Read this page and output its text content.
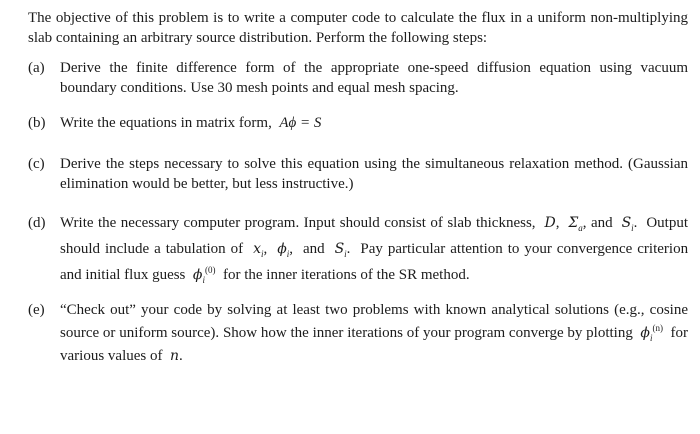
The objective of this problem is to write a computer code to calculate the flux in a uniform non-multiplying slab containing an arbitrary source distribution. Perform the following steps:

(a)	Derive the finite difference form of the appropriate one-speed diffusion equation using vacuum boundary conditions. Use 30 mesh points and equal mesh spacing.
(b) Write the equations in matrix form, Aϕ = S
(c)	Derive the steps necessary to solve this equation using the simultaneous relaxation method. (Gaussian elimination would be better, but less instructive.)
(d) Write the necessary computer program. Input should consist of slab thickness, D,  $\Sigma_a$, and $S_i$.  Output should include a tabulation of $x_i$,  $\phi_i$,  and $S_i$.  Pay particular attention to your convergence criterion and initial flux guess $\phi_i^{(0)}$ for the inner iterations of the SR method.
(e)	“Check out” your code by solving at least two problems with known analytical solutions (e.g., cosine source or uniform source). Show how the inner iterations of your program converge by plotting $\phi_i^{(n)}$ for various values of n.
